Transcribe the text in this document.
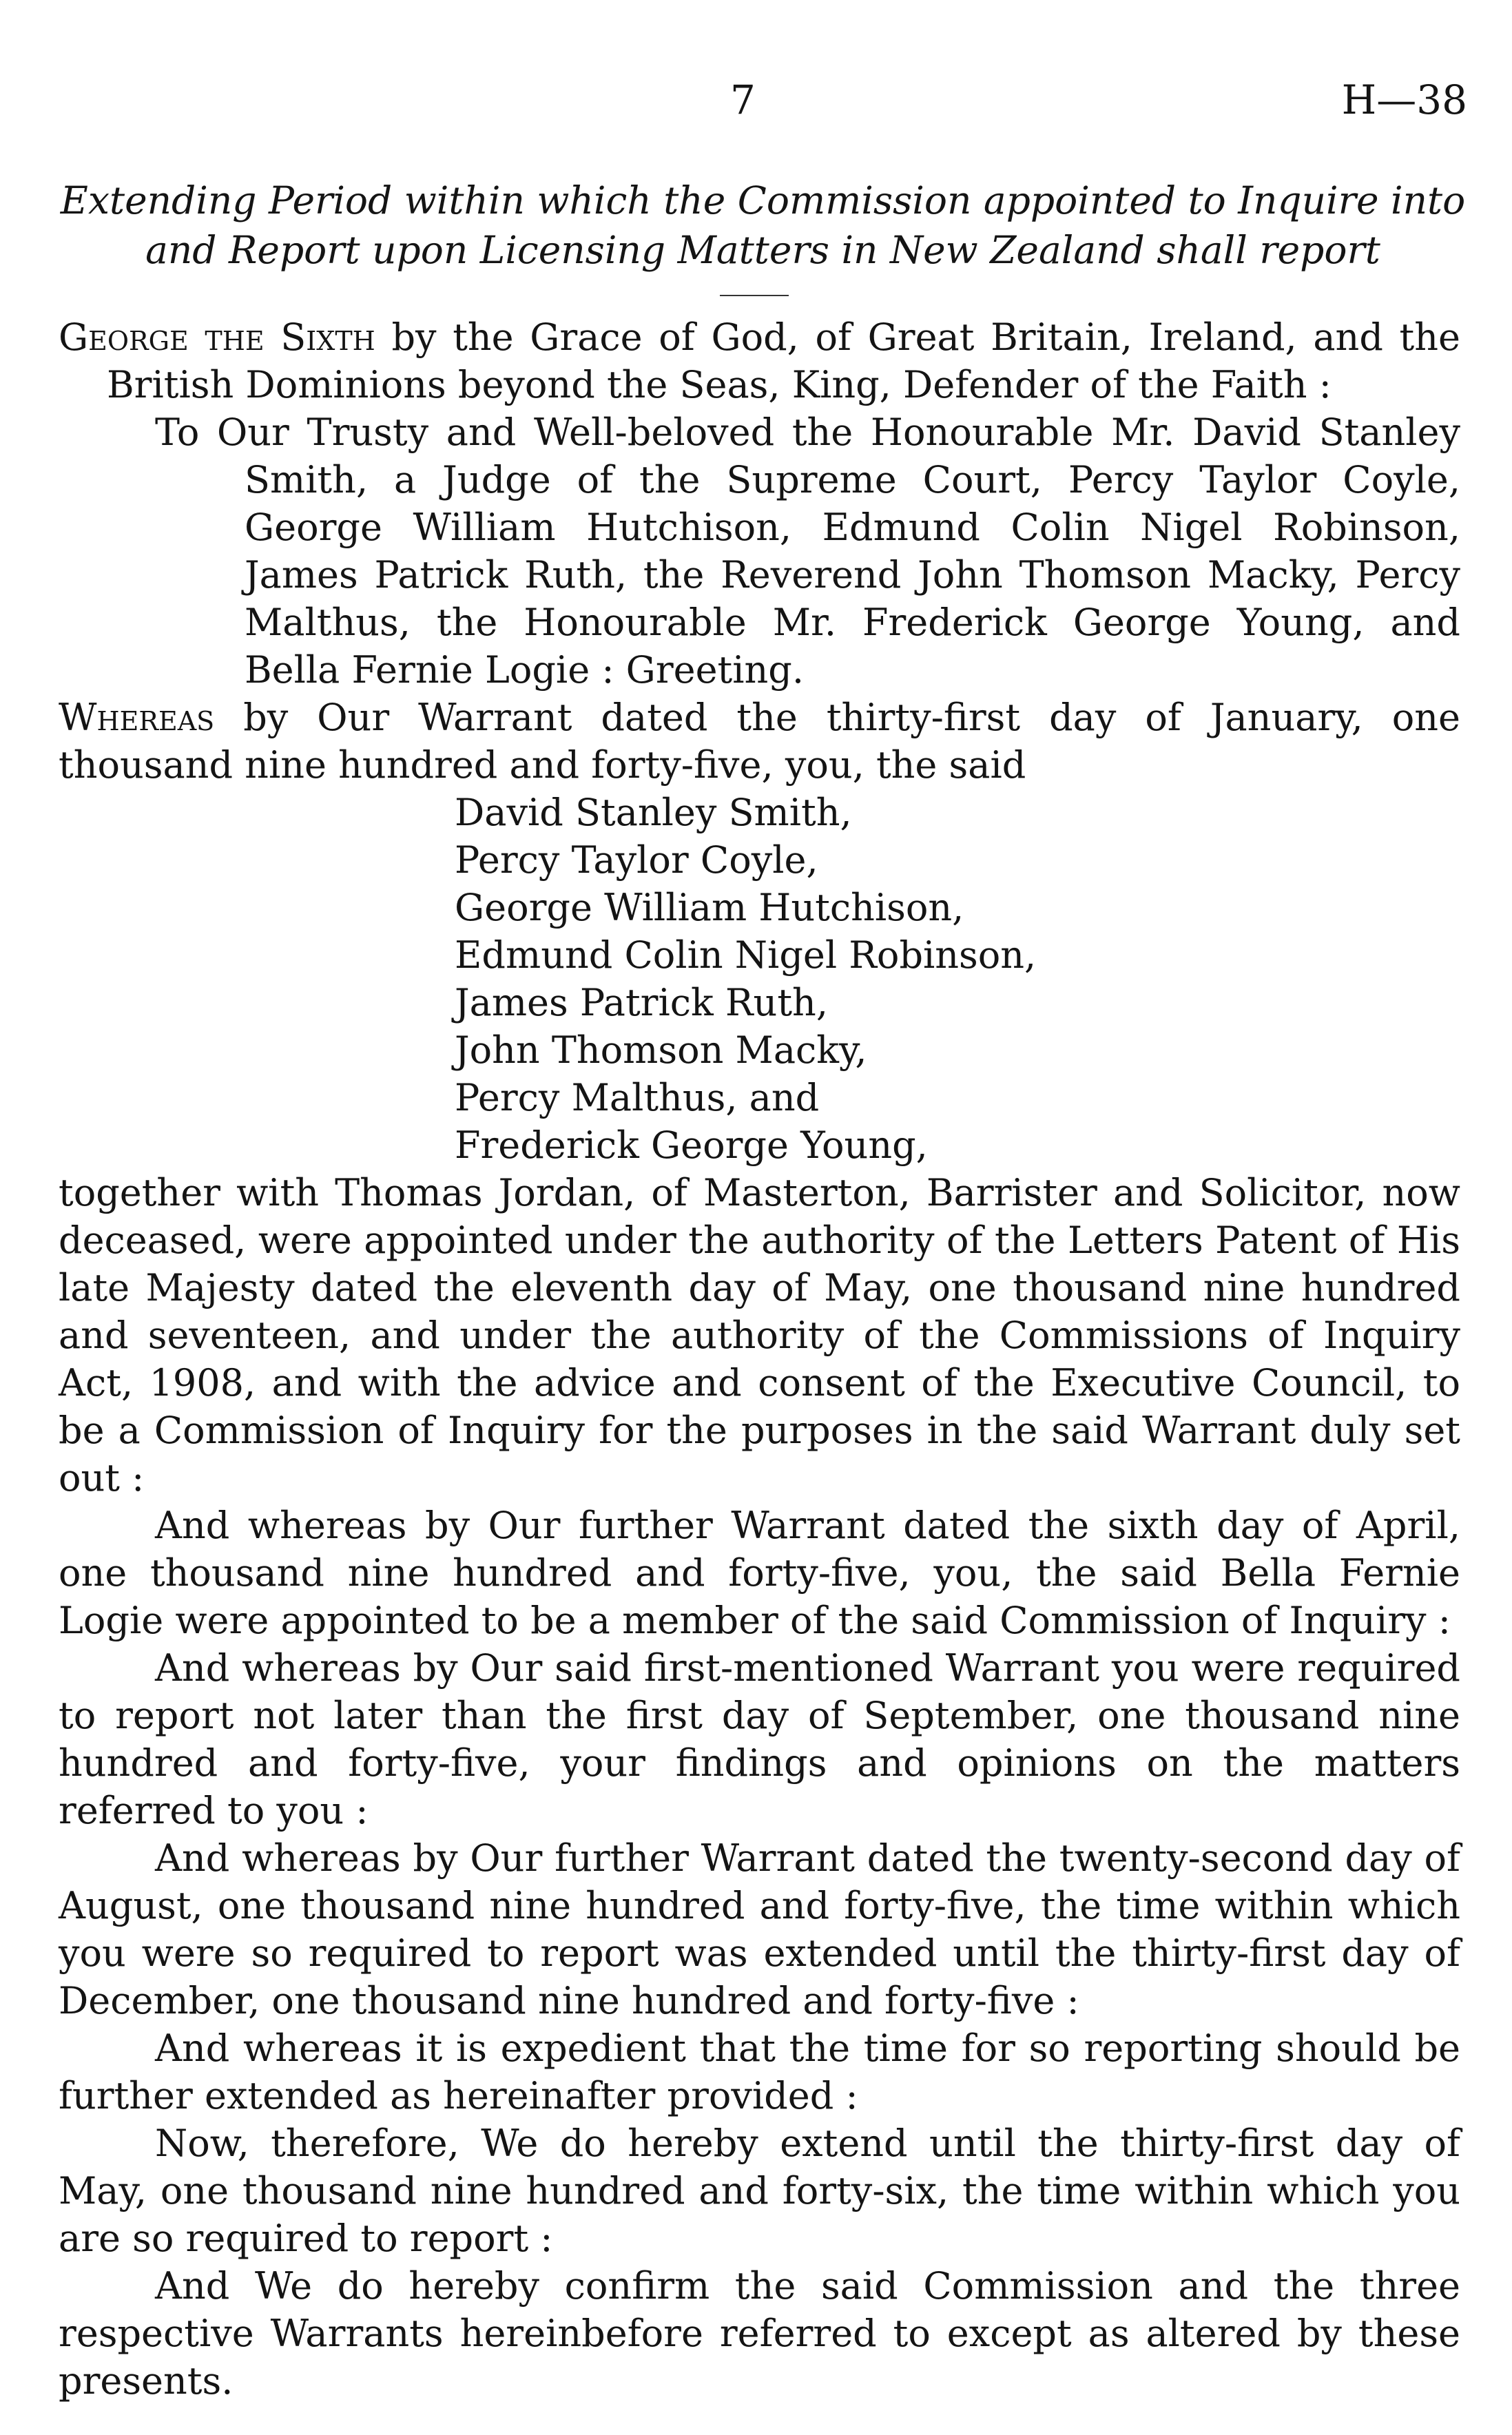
7	H—38
Extending Period within which the Commission appointed to Inquire into and Report upon Licensing Matters in New Zealand shall report

George the Sixth by the Grace of God, of Great Britain, Ireland, and the British Dominions beyond the Seas, King, Defender of the Faith :

To Our Trusty and Well-beloved the Honourable Mr. David Stanley Smith, a Judge of the Supreme Court, Percy Taylor Coyle, George William Hutchison, Edmund Colin Nigel Robinson, James Patrick Ruth, the Reverend John Thomson Macky, Percy Malthus, the Honourable Mr. Frederick George Young, and Bella Fernie Logie : Greeting.

Whereas by Our Warrant dated the thirty-first day of January, one thousand nine hundred and forty-five, you, the said

David Stanley Smith,
Percy Taylor Coyle,
George William Hutchison,
Edmund Colin Nigel Robinson,
James Patrick Ruth,
John Thomson Macky,
Percy Malthus, and
Frederick George Young,

together with Thomas Jordan, of Masterton, Barrister and Solicitor, now deceased, were appointed under the authority of the Letters Patent of His late Majesty dated the eleventh day of May, one thousand nine hundred and seventeen, and under the authority of the Commissions of Inquiry Act, 1908, and with the advice and consent of the Executive Council, to be a Commission of Inquiry for the purposes in the said Warrant duly set out :

And whereas by Our further Warrant dated the sixth day of April, one thousand nine hundred and forty-five, you, the said Bella Fernie Logie were appointed to be a member of the said Commission of Inquiry :

And whereas by Our said first-mentioned Warrant you were required to report not later than the first day of September, one thousand nine hundred and forty-five, your findings and opinions on the matters referred to you :

And whereas by Our further Warrant dated the twenty-second day of August, one thousand nine hundred and forty-five, the time within which you were so required to report was extended until the thirty-first day of December, one thousand nine hundred and forty-five :

And whereas it is expedient that the time for so reporting should be further extended as hereinafter provided :

Now, therefore, We do hereby extend until the thirty-first day of May, one thousand nine hundred and forty-six, the time within which you are so required to report :

And We do hereby confirm the said Commission and the three respective Warrants hereinbefore referred to except as altered by these presents.
